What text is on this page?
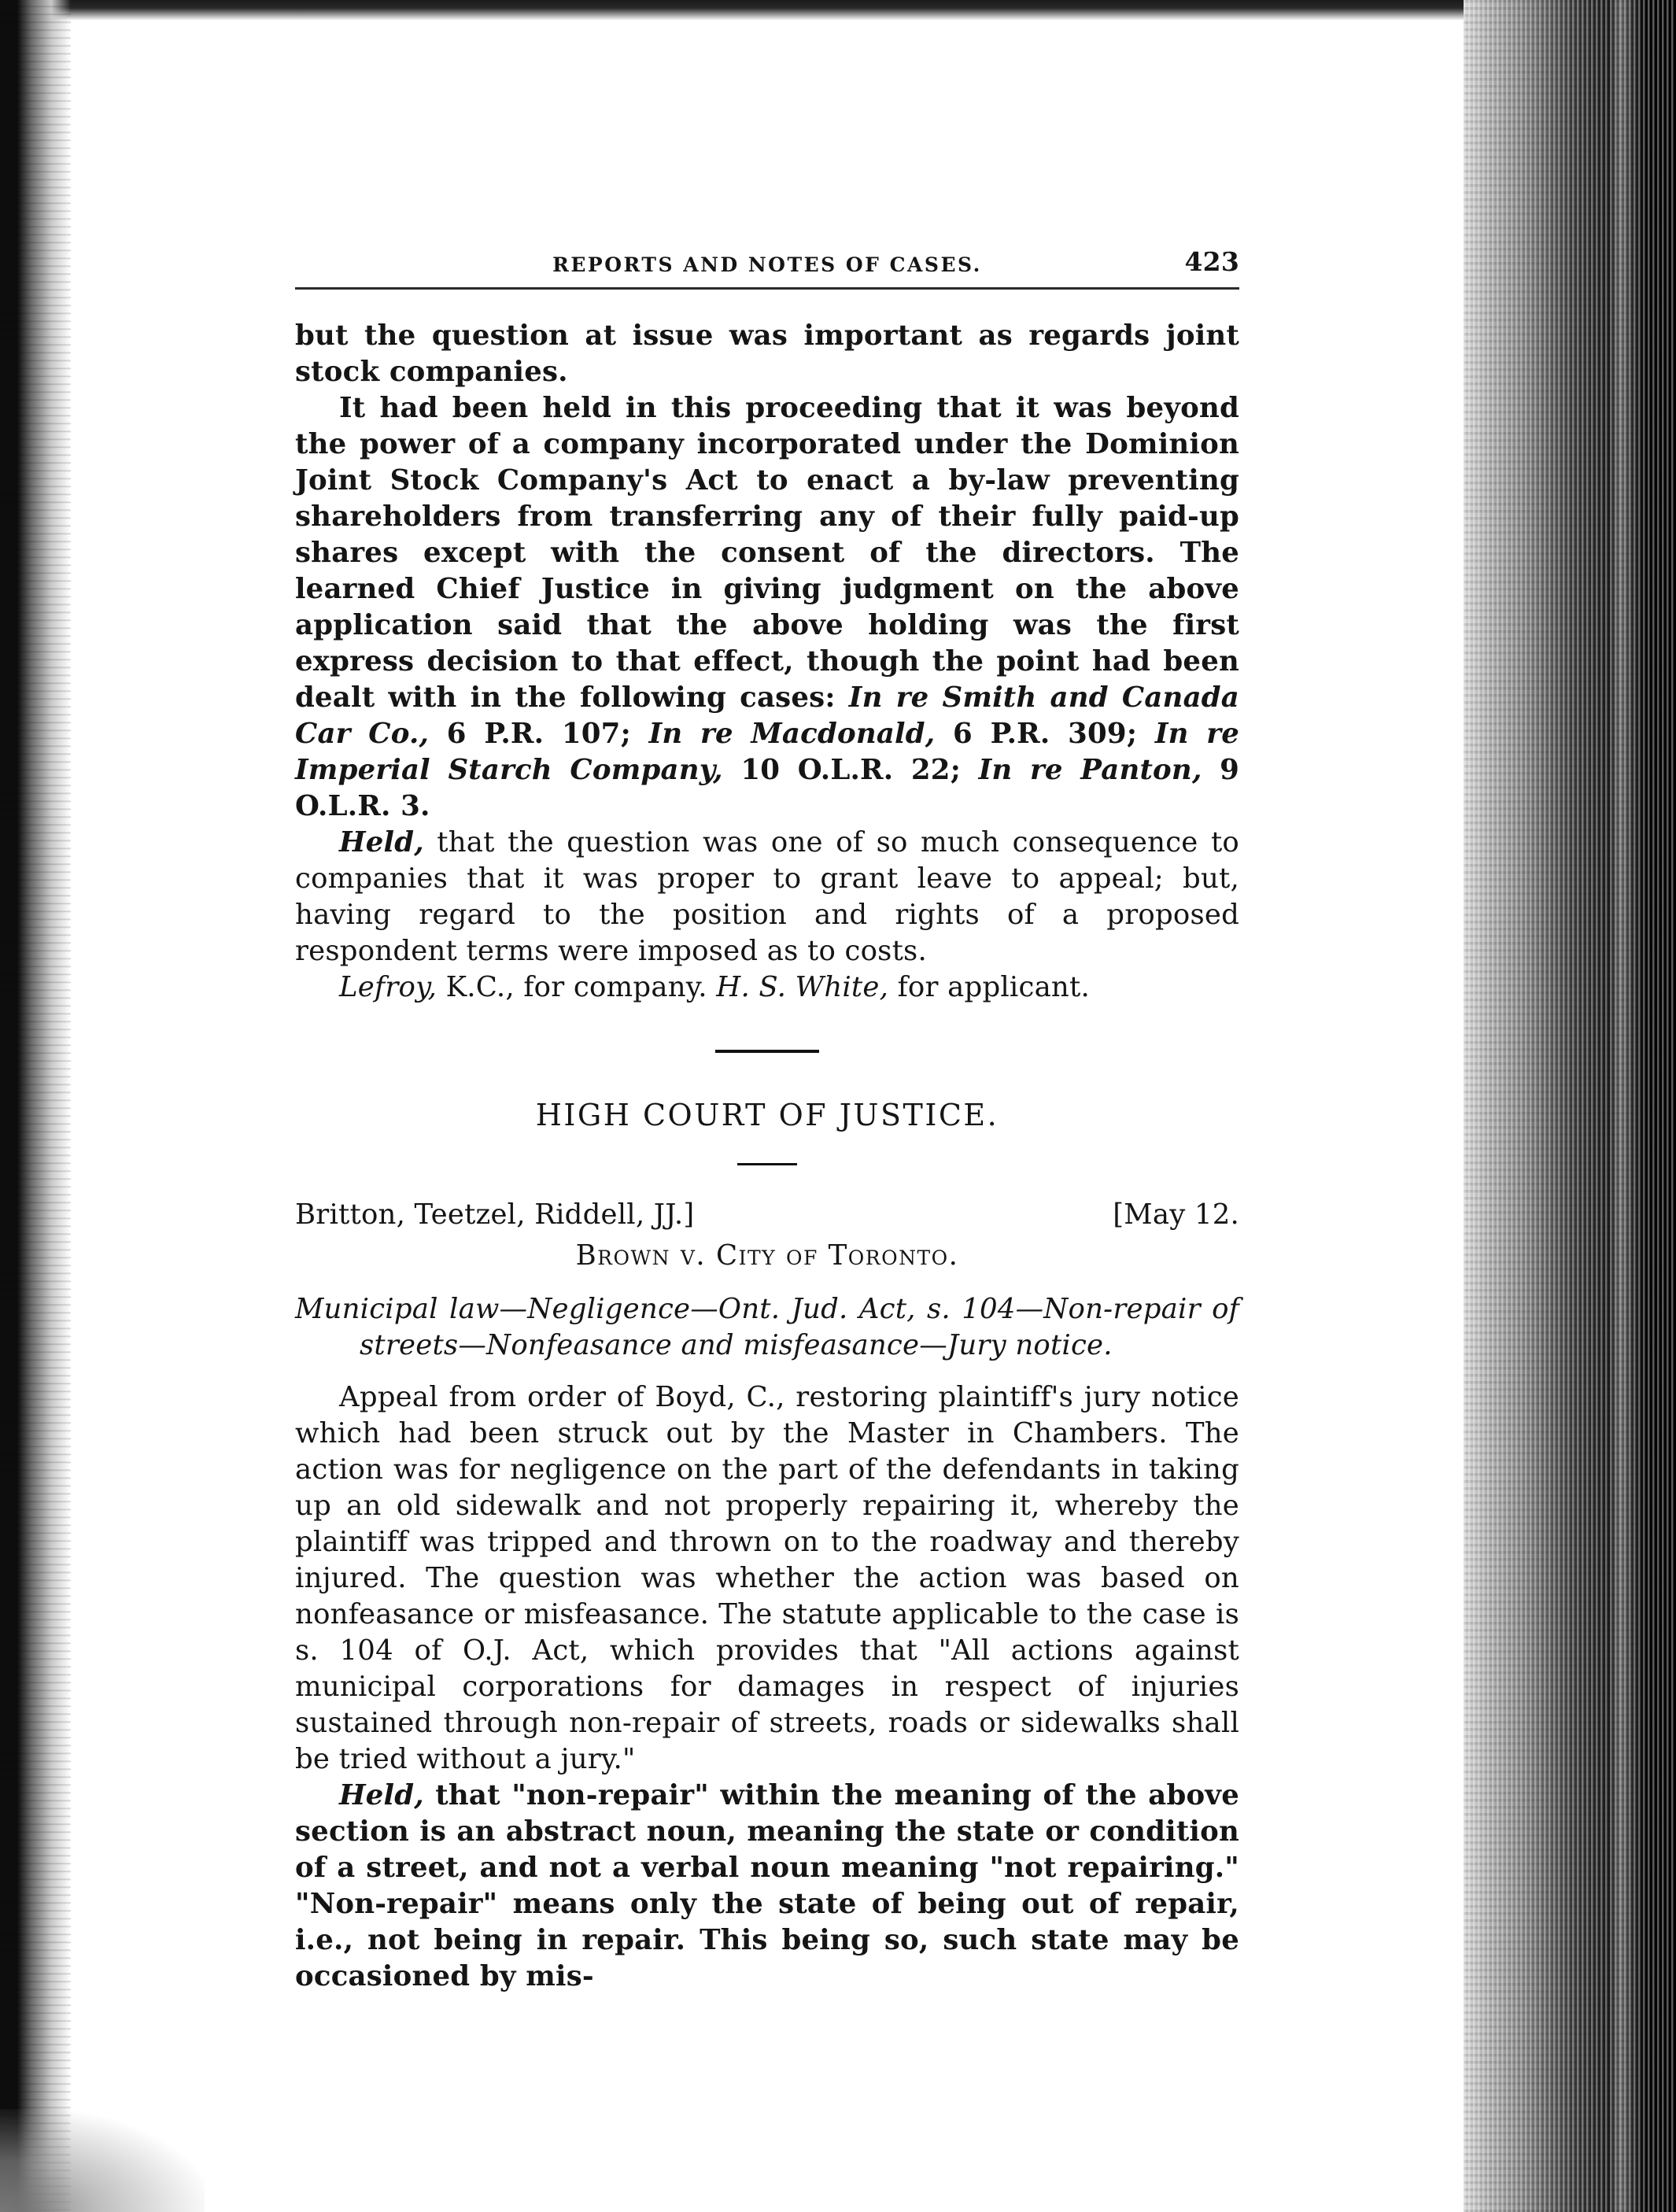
REPORTS AND NOTES OF CASES.	423

but the question at issue was important as regards joint stock companies.

It had been held in this proceeding that it was beyond the power of a company incorporated under the Dominion Joint Stock Company's Act to enact a by-law preventing shareholders from transferring any of their fully paid-up shares except with the consent of the directors. The learned Chief Justice in giving judgment on the above application said that the above holding was the first express decision to that effect, though the point had been dealt with in the following cases: In re Smith and Canada Car Co., 6 P.R. 107; In re Macdonald, 6 P.R. 309; In re Imperial Starch Company, 10 O.L.R. 22; In re Panton, 9 O.L.R. 3.

Held, that the question was one of so much consequence to companies that it was proper to grant leave to appeal; but, having regard to the position and rights of a proposed respondent terms were imposed as to costs.

Lefroy, K.C., for company. H. S. White, for applicant.

HIGH COURT OF JUSTICE.
Britton, Teetzel, Riddell, JJ.]	[May 12.
Brown v. City of Toronto.

Municipal law—Negligence—Ont. Jud. Act, s. 104—Non-repair of streets—Nonfeasance and misfeasance—Jury notice.

Appeal from order of Boyd, C., restoring plaintiff's jury notice which had been struck out by the Master in Chambers. The action was for negligence on the part of the defendants in taking up an old sidewalk and not properly repairing it, whereby the plaintiff was tripped and thrown on to the roadway and thereby injured. The question was whether the action was based on nonfeasance or misfeasance. The statute applicable to the case is s. 104 of O.J. Act, which provides that "All actions against municipal corporations for damages in respect of injuries sustained through non-repair of streets, roads or sidewalks shall be tried without a jury."

Held, that "non-repair" within the meaning of the above section is an abstract noun, meaning the state or condition of a street, and not a verbal noun meaning "not repairing." "Non-repair" means only the state of being out of repair, i.e., not being in repair. This being so, such state may be occasioned by mis-
